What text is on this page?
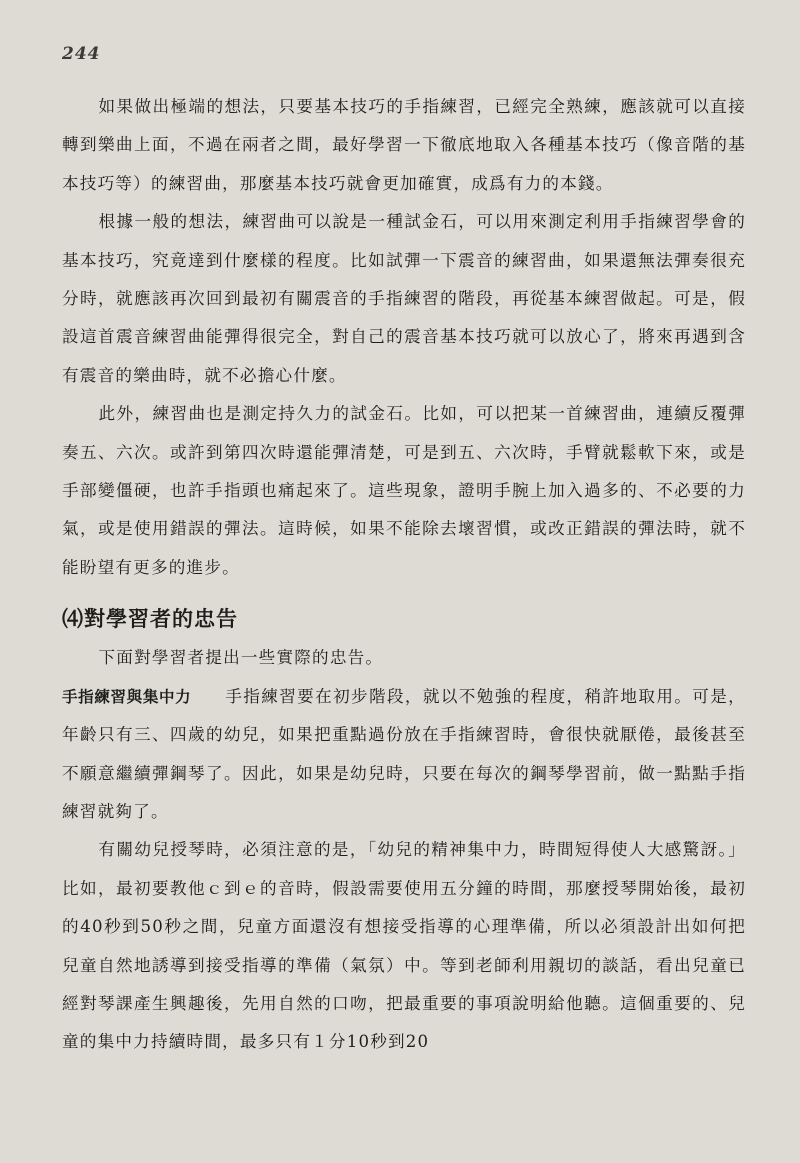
244

如果做出極端的想法，只要基本技巧的手指練習，已經完全熟練，應該就可以直接轉到樂曲上面，不過在兩者之間，最好學習一下徹底地取入各種基本技巧（像音階的基本技巧等）的練習曲，那麼基本技巧就會更加確實，成爲有力的本錢。

根據一般的想法，練習曲可以說是一種試金石，可以用來測定利用手指練習學會的基本技巧，究竟達到什麼樣的程度。比如試彈一下震音的練習曲，如果還無法彈奏很充分時，就應該再次回到最初有關震音的手指練習的階段，再從基本練習做起。可是，假設這首震音練習曲能彈得很完全，對自己的震音基本技巧就可以放心了，將來再遇到含有震音的樂曲時，就不必擔心什麼。

此外，練習曲也是測定持久力的試金石。比如，可以把某一首練習曲，連續反覆彈奏五、六次。或許到第四次時還能彈清楚，可是到五、六次時，手臂就鬆軟下來，或是手部變僵硬，也許手指頭也痛起來了。這些現象，證明手腕上加入過多的、不必要的力氣，或是使用錯誤的彈法。這時候，如果不能除去壞習慣，或改正錯誤的彈法時，就不能盼望有更多的進步。

⑷對學習者的忠告

下面對學習者提出一些實際的忠告。

手指練習與集中力 手指練習要在初步階段，就以不勉強的程度，稍許地取用。可是，年齡只有三、四歲的幼兒，如果把重點過份放在手指練習時，會很快就厭倦，最後甚至不願意繼續彈鋼琴了。因此，如果是幼兒時，只要在每次的鋼琴學習前，做一點點手指練習就夠了。

有關幼兒授琴時，必須注意的是，「幼兒的精神集中力，時間短得使人大感驚訝。」比如，最初要教他ｃ到ｅ的音時，假設需要使用五分鐘的時間，那麼授琴開始後，最初的40秒到50秒之間，兒童方面還沒有想接受指導的心理準備，所以必須設計出如何把兒童自然地誘導到接受指導的準備（氣氛）中。等到老師利用親切的談話，看出兒童已經對琴課產生興趣後，先用自然的口吻，把最重要的事項說明給他聽。這個重要的、兒童的集中力持續時間，最多只有１分10秒到20
